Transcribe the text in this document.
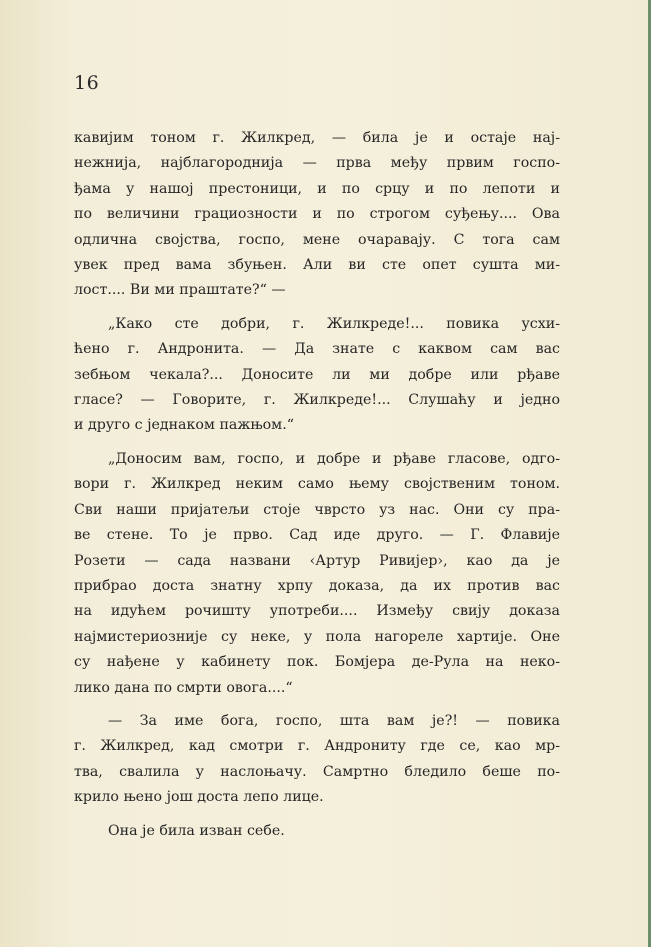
16
кавијим тоном г. Жилкред, — била је и остаје нај-
нежнија, најблагороднија — прва међу првим госпо-
ђама у нашој престоници, и по срцу и по лепоти и
по величини грациозности и по строгом суђењу.... Ова
одлична својства, госпо, мене очаравају. С тога сам
увек пред вама збуњен. Али ви сте опет сушта ми-
лост.... Ви ми праштате?“ —
„Како сте добри, г. Жилкреде!... повика усхи-
ћено г. Андронита. — Да знате с каквом сам вас
зебњом чекала?... Доносите ли ми добре или рђаве
гласе? — Говорите, г. Жилкреде!... Слушаћу и једно
и друго с једнаком пажњом.“
„Доносим вам, госпо, и добре и рђаве гласове, одго-
вори г. Жилкред неким само њему својственим тоном.
Сви наши пријатељи стоје чврсто уз нас. Они су пра-
ве стене. То је прво. Сад иде друго. — Г. Флавије
Розети — сада названи ‹Артур Ривијер›, као да је
прибрао доста знатну хрпу доказа, да их против вас
на идућем рочишту употреби.... Између свију доказа
најмистериозније су неке, у пола нагореле хартије. Оне
су нађене у кабинету пок. Бомјера де-Рула на неко-
лико дана по смрти овога....“
— За име бога, госпо, шта вам је?! — повика
г. Жилкред, кад смотри г. Андрониту где се, као мр-
тва, свалила у наслоњачу. Самртно бледило беше по-
крило њено још доста лепо лице.
Она је била изван себе.
